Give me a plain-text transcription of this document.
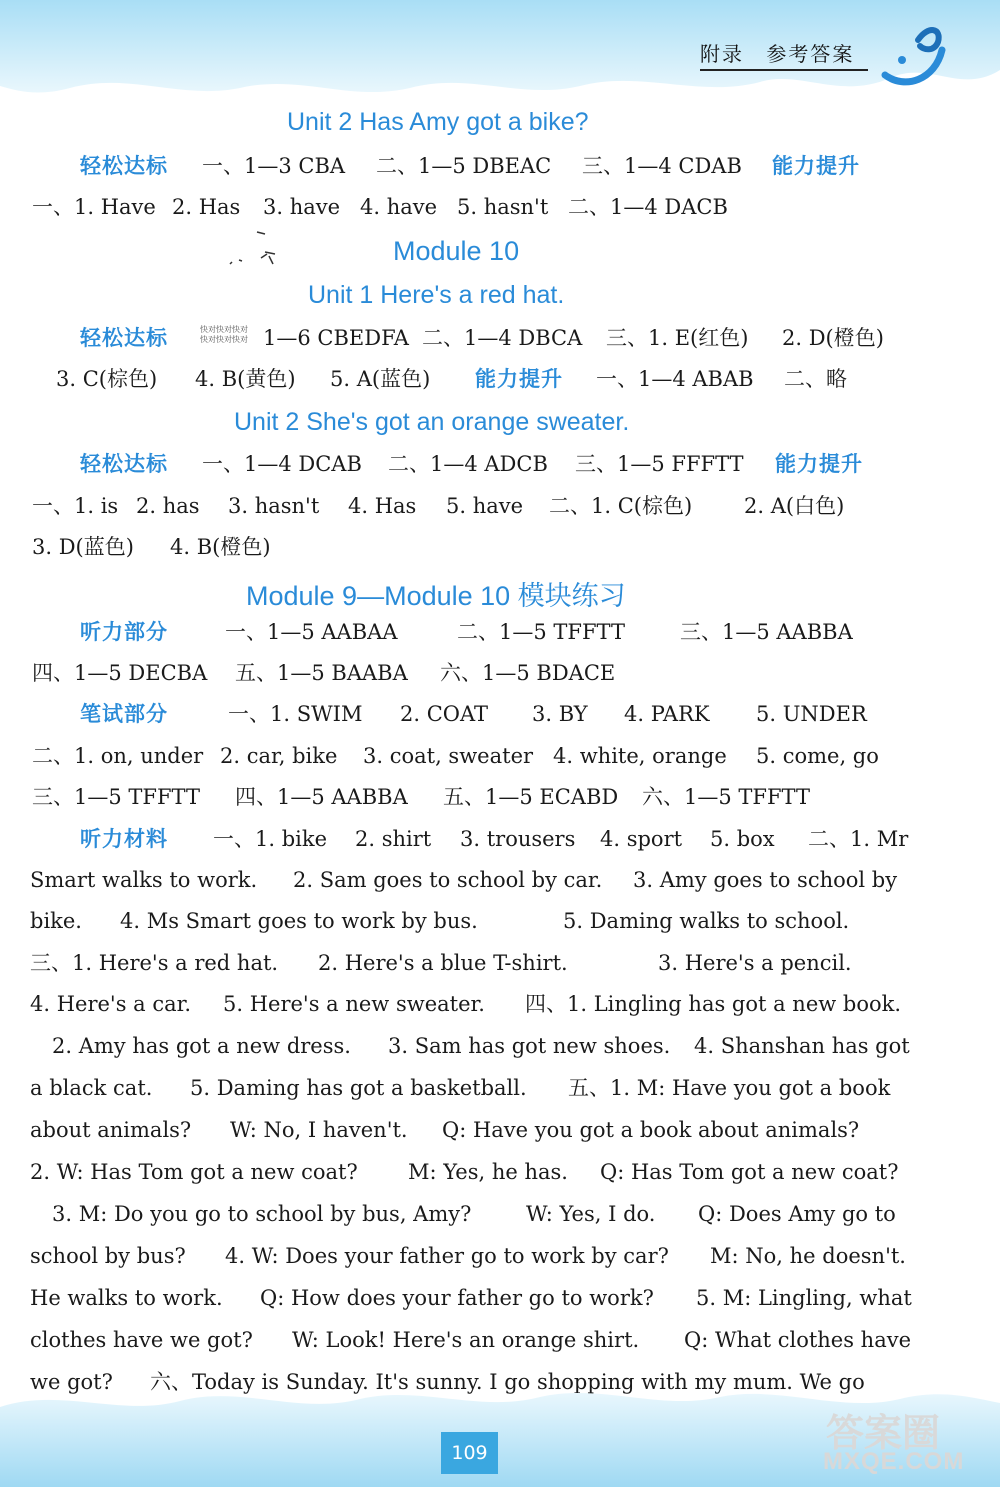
附录 参考答案
Unit 2 Has Amy got a bike?
轻松达标 一、1—3 CBA 二、1—5 DBEAC 三、1—4 CDAB 能力提升
一、1. Have 2. Has 3. have 4. have 5. hasn't 二、1—4 DACB
Module 10
Unit 1 Here's a red hat.
快对快对快对
快对快对快对
轻松达标	1—6 CBEDFA 二、1—4 DBCA 三、1. E(红色) 2. D(橙色)
3. C(棕色) 4. B(黄色) 5. A(蓝色) 能力提升 一、1—4 ABAB 二、略
Unit 2 She's got an orange sweater.
轻松达标 一、1—4 DCAB 二、1—4 ADCB 三、1—5 FFFTT 能力提升
一、1. is 2. has 3. hasn't 4. Has 5. have 二、1. C(棕色) 2. A(白色)
3. D(蓝色) 4. B(橙色)
Module 9—Module 10 模块练习
听力部分	一、1—5 AABAA	二、1—5 TFFTT	三、1—5 AABBA
四、1—5 DECBA 五、1—5 BAABA 六、1—5 BDACE
笔试部分	一、1. SWIM 2. COAT 3. BY 4. PARK 5. UNDER
二、1. on, under 2. car, bike 3. coat, sweater 4. white, orange 5. come, go
三、1—5 TFFTT 四、1—5 AABBA 五、1—5 ECABD 六、1—5 TFFTT
听力材料 一、1. bike 2. shirt 3. trousers 4. sport 5. box 二、1. Mr
Smart walks to work. 2. Sam goes to school by car. 3. Amy goes to school by
bike. 4. Ms Smart goes to work by bus.	5. Daming walks to school.
三、1. Here's a red hat. 2. Here's a blue T-shirt.	3. Here's a pencil.
4. Here's a car. 5. Here's a new sweater. 四、1. Lingling has got a new book.
2. Amy has got a new dress. 3. Sam has got new shoes. 4. Shanshan has got
a black cat. 5. Daming has got a basketball. 五、1. M: Have you got a book
about animals? W: No, I haven't. Q: Have you got a book about animals?
2. W: Has Tom got a new coat? M: Yes, he has. Q: Has Tom got a new coat?
3. M: Do you go to school by bus, Amy?	W: Yes, I do. Q: Does Amy go to
school by bus? 4. W: Does your father go to work by car? M: No, he doesn't.
He walks to work. Q: How does your father go to work? 5. M: Lingling, what
clothes have we got? W: Look! Here's an orange shirt. Q: What clothes have
we got? 六、Today is Sunday. It's sunny. I go shopping with my mum. We go
109	答案圈
MXQE.COM
